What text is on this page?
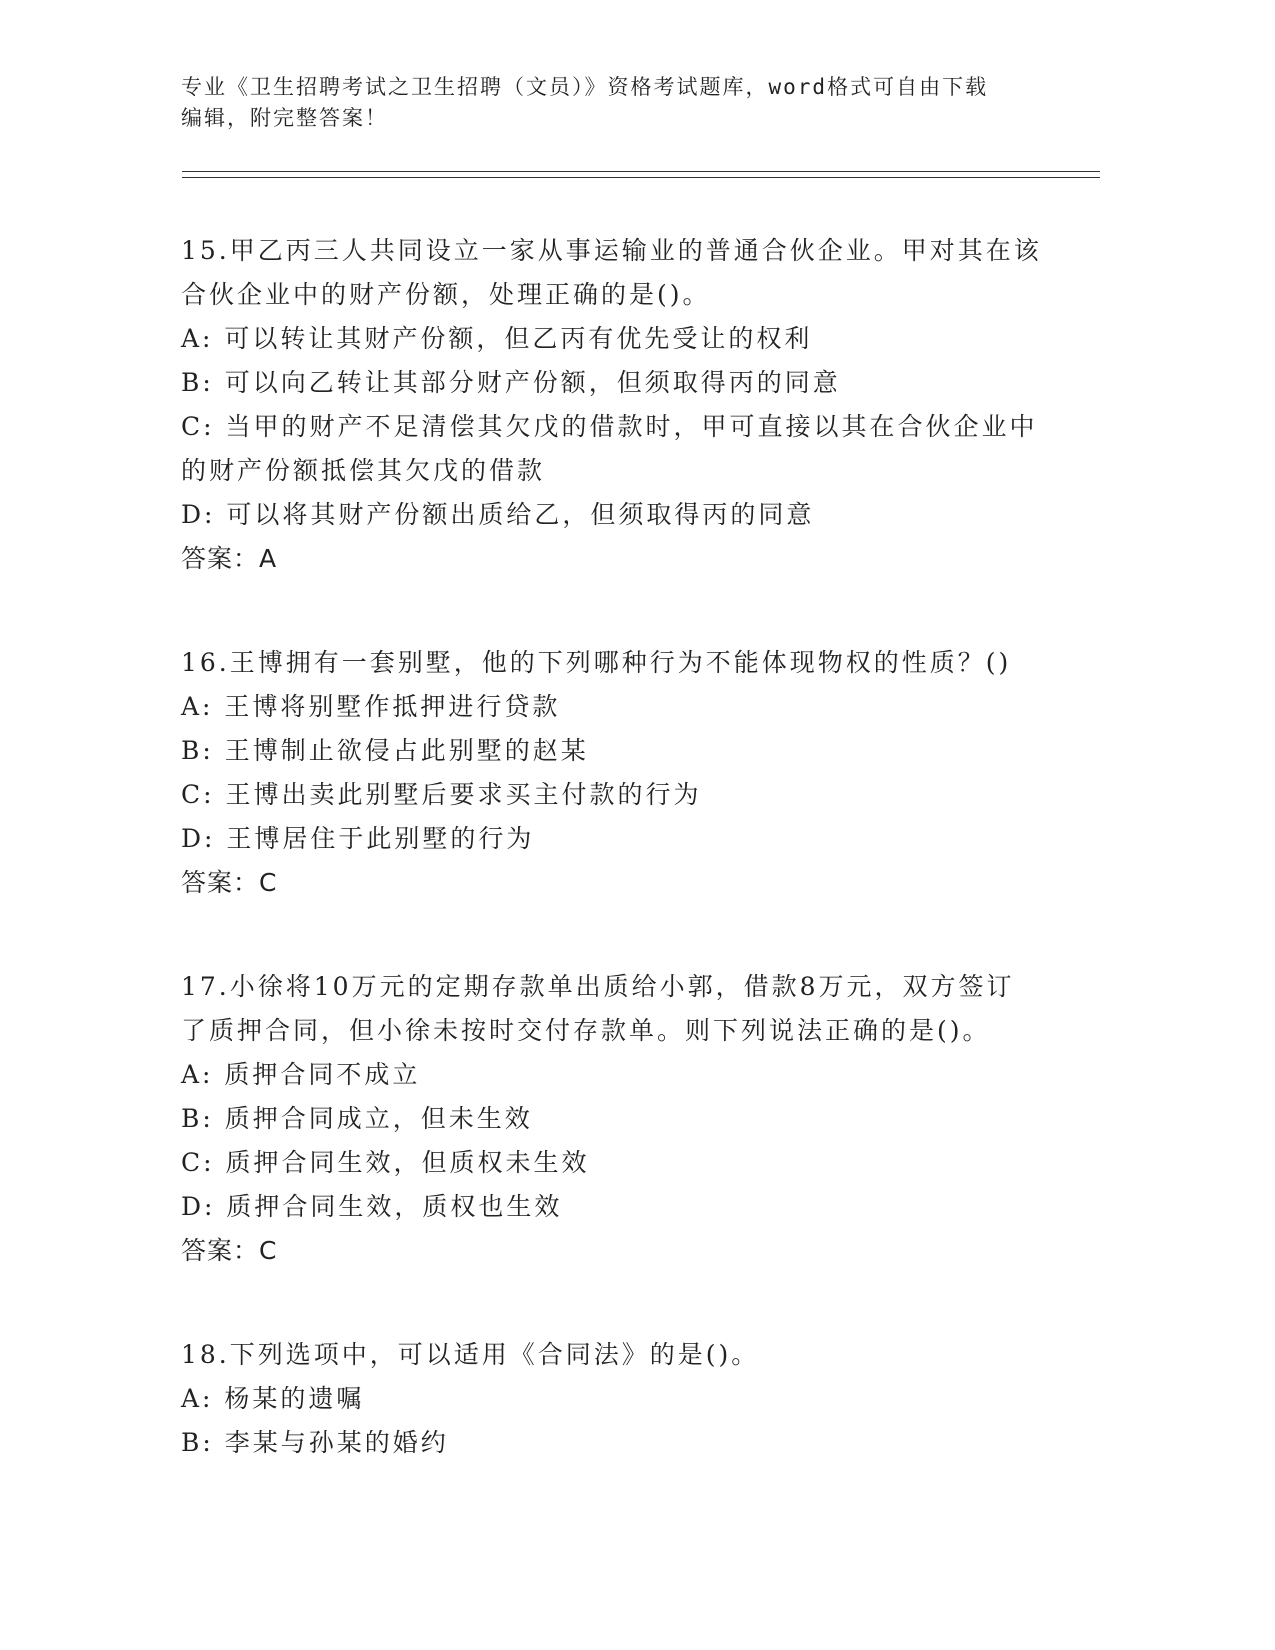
专业《卫生招聘考试之卫生招聘（文员）》资格考试题库，word格式可自由下载
编辑，附完整答案！
15.甲乙丙三人共同设立一家从事运输业的普通合伙企业。甲对其在该
合伙企业中的财产份额，处理正确的是()。
A: 可以转让其财产份额，但乙丙有优先受让的权利
B: 可以向乙转让其部分财产份额，但须取得丙的同意
C: 当甲的财产不足清偿其欠戊的借款时，甲可直接以其在合伙企业中
的财产份额抵偿其欠戊的借款
D: 可以将其财产份额出质给乙，但须取得丙的同意
答案：A
16.王博拥有一套别墅，他的下列哪种行为不能体现物权的性质？()
A: 王博将别墅作抵押进行贷款
B: 王博制止欲侵占此别墅的赵某
C: 王博出卖此别墅后要求买主付款的行为
D: 王博居住于此别墅的行为
答案：C
17.小徐将10万元的定期存款单出质给小郭，借款8万元，双方签订
了质押合同，但小徐未按时交付存款单。则下列说法正确的是()。
A: 质押合同不成立
B: 质押合同成立，但未生效
C: 质押合同生效，但质权未生效
D: 质押合同生效，质权也生效
答案：C
18.下列选项中，可以适用《合同法》的是()。
A: 杨某的遗嘱
B: 李某与孙某的婚约
